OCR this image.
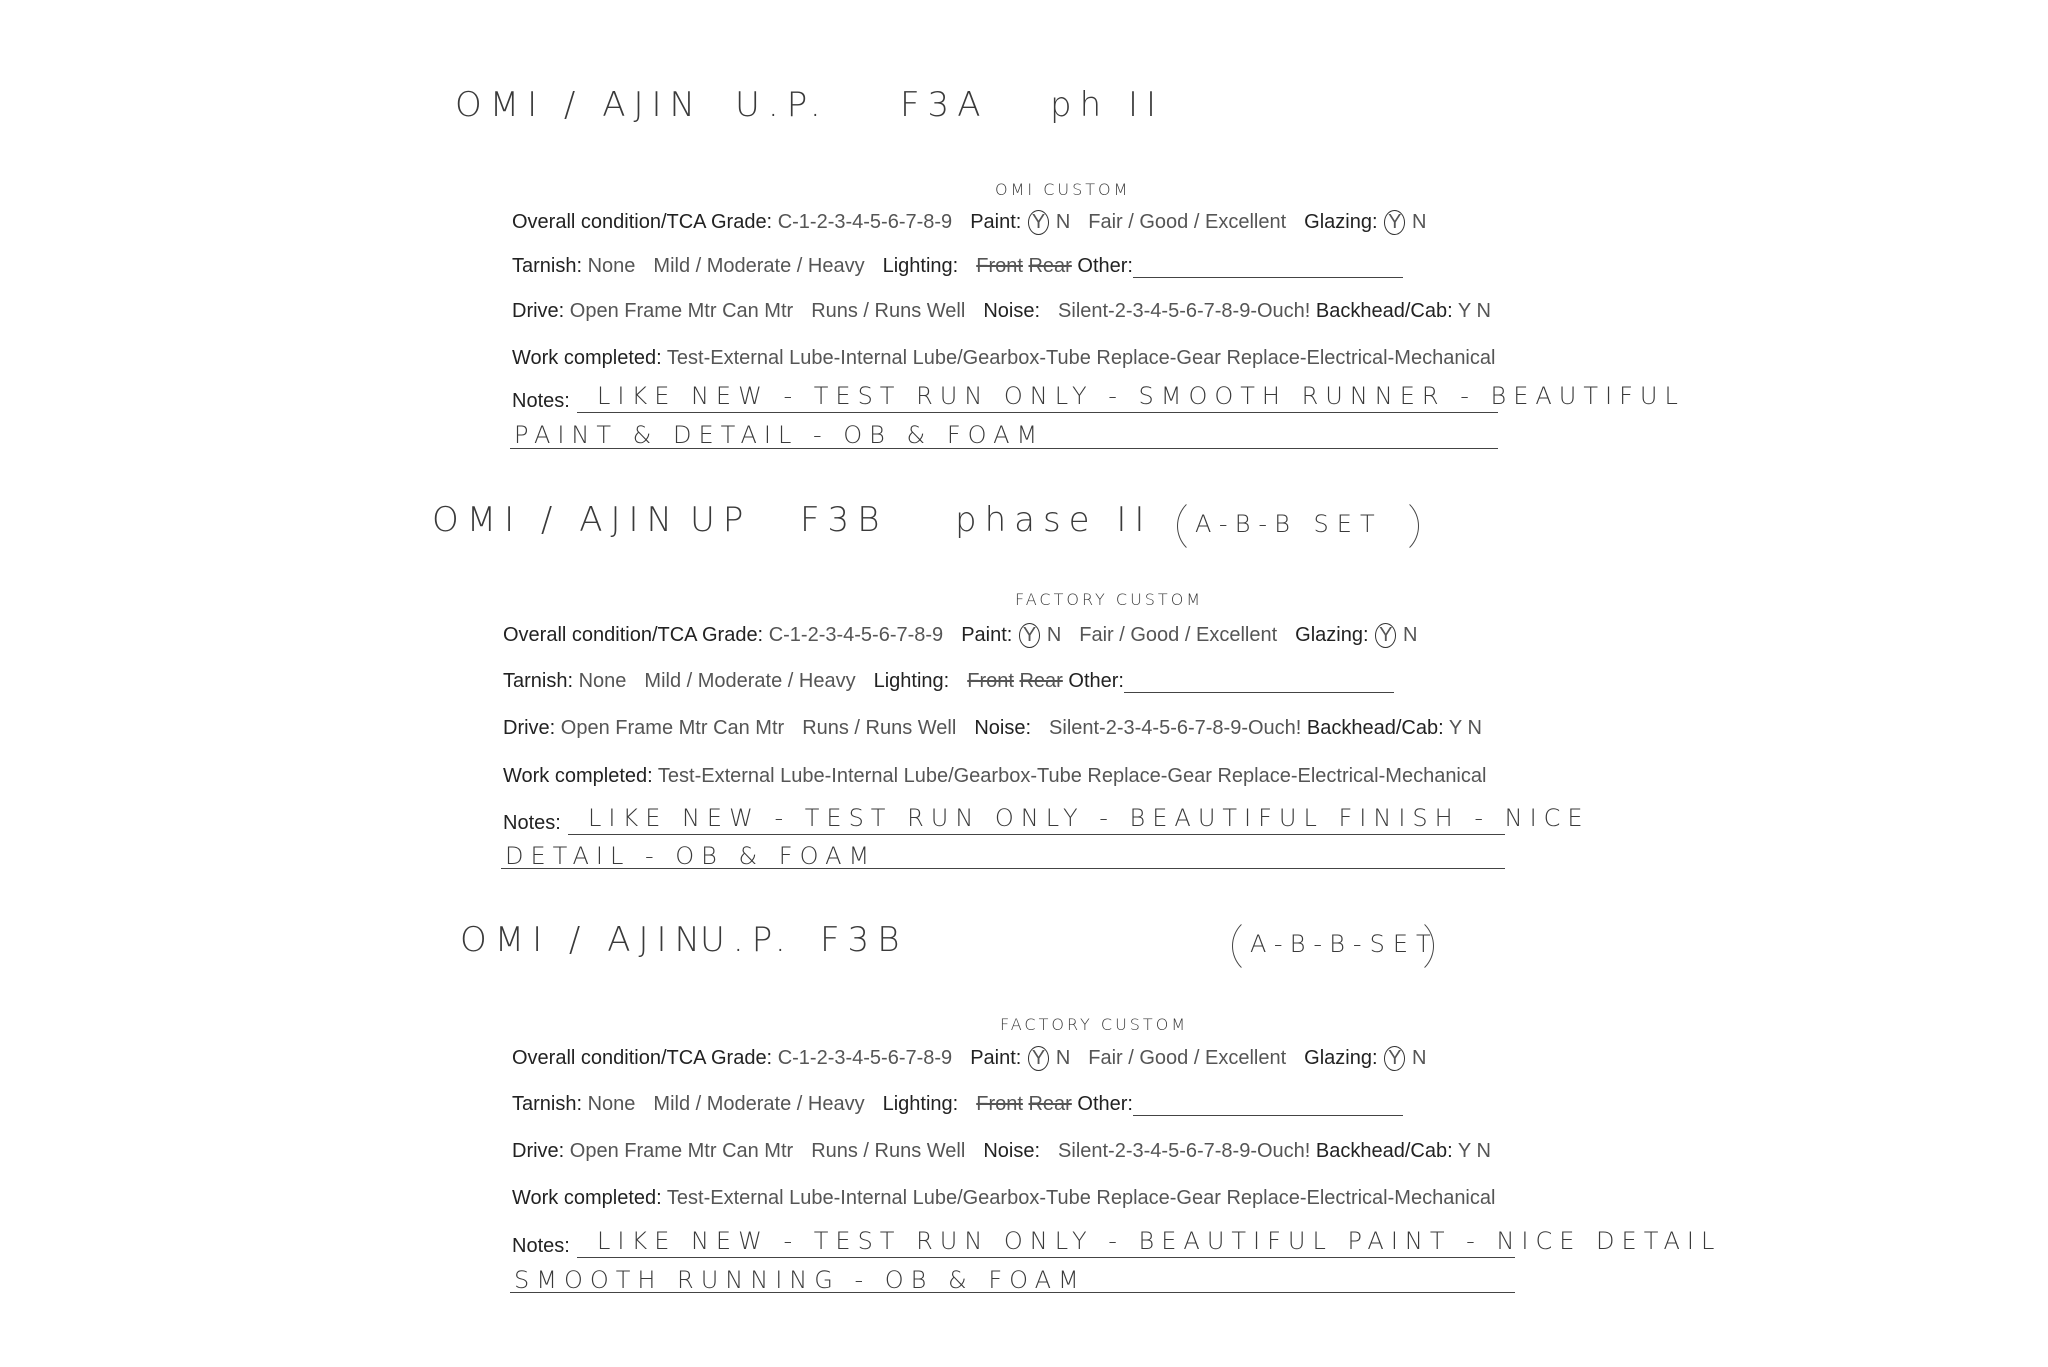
OMI / AJIN U.P. F3A ph II
OMI CUSTOM
Overall condition/TCA Grade: C-1-2-3-4-5-6-7-8-9 Paint: Y N Fair / Good / Excellent Glazing: Y N
Tarnish: None Mild / Moderate / Heavy Lighting: Front Rear Other:
Drive: Open Frame Mtr Can Mtr Runs / Runs Well Noise: Silent-2-3-4-5-6-7-8-9-Ouch! Backhead/Cab: Y N
Work completed: Test-External Lube-Internal Lube/Gearbox-Tube Replace-Gear Replace-Electrical-Mechanical
Notes: LIKE NEW - TEST RUN ONLY - SMOOTH RUNNER - BEAUTIFUL
PAINT & DETAIL - OB & FOAM
OMI / AJIN UP F3B phase II A-B-B SET
FACTORY CUSTOM
Overall condition/TCA Grade: C-1-2-3-4-5-6-7-8-9 Paint: Y N Fair / Good / Excellent Glazing: Y N
Tarnish: None Mild / Moderate / Heavy Lighting: Front Rear Other:
Drive: Open Frame Mtr Can Mtr Runs / Runs Well Noise: Silent-2-3-4-5-6-7-8-9-Ouch! Backhead/Cab: Y N
Work completed: Test-External Lube-Internal Lube/Gearbox-Tube Replace-Gear Replace-Electrical-Mechanical
Notes: LIKE NEW - TEST RUN ONLY - BEAUTIFUL FINISH - NICE
DETAIL - OB & FOAM
OMI / AJIN
U.P. F3B	A-B-B-SET
FACTORY CUSTOM
Overall condition/TCA Grade: C-1-2-3-4-5-6-7-8-9 Paint: Y N Fair / Good / Excellent Glazing: Y N
Tarnish: None Mild / Moderate / Heavy Lighting: Front Rear Other:
Drive: Open Frame Mtr Can Mtr Runs / Runs Well Noise: Silent-2-3-4-5-6-7-8-9-Ouch! Backhead/Cab: Y N
Work completed: Test-External Lube-Internal Lube/Gearbox-Tube Replace-Gear Replace-Electrical-Mechanical
Notes: LIKE NEW - TEST RUN ONLY - BEAUTIFUL PAINT - NICE DETAIL
SMOOTH RUNNING - OB & FOAM
